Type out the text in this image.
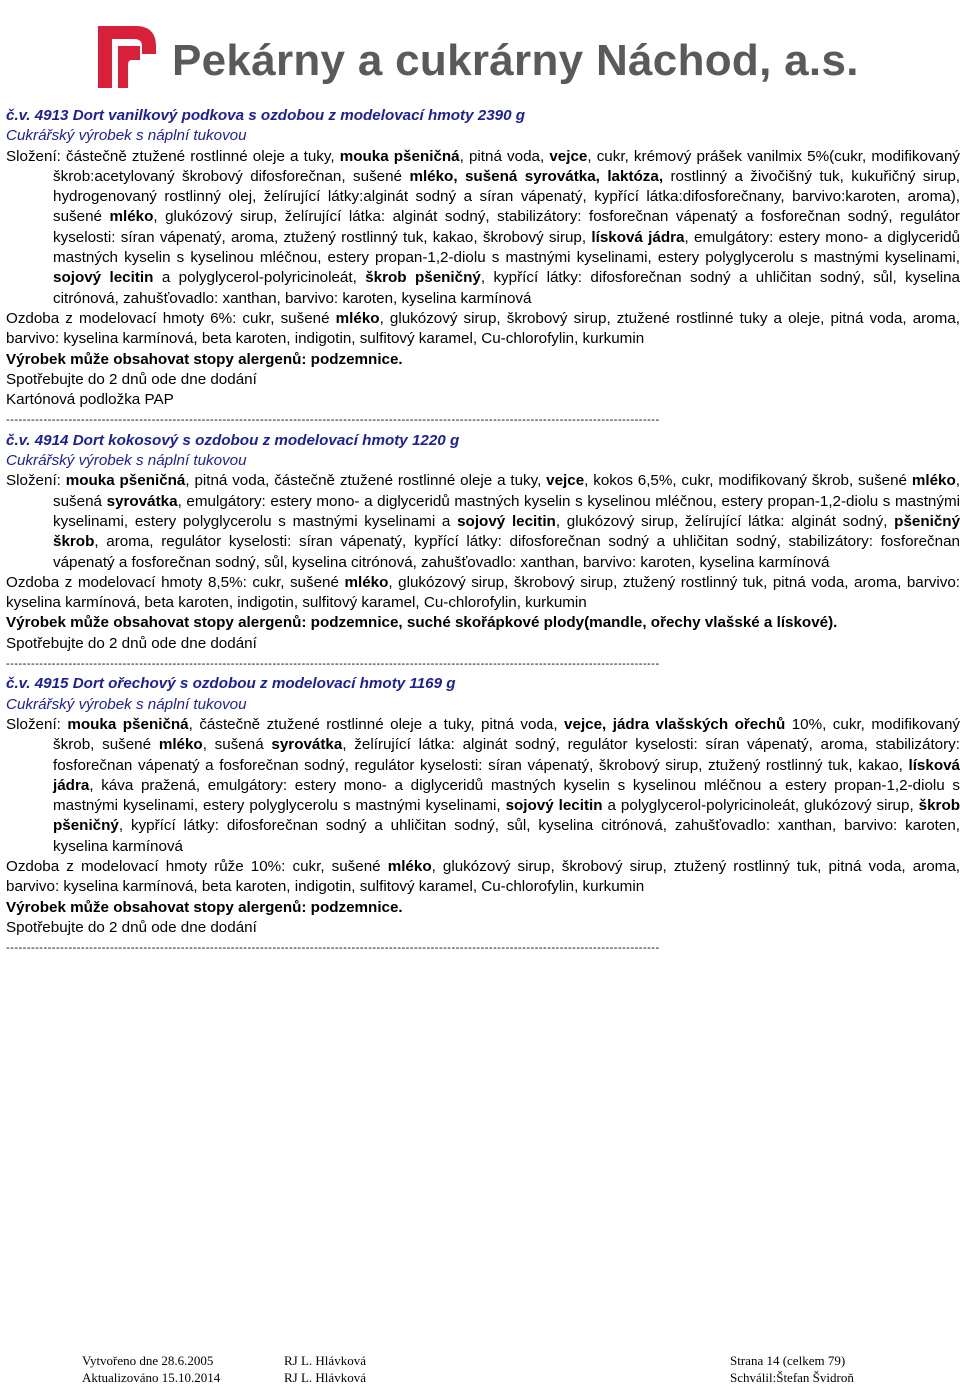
Pekárny a cukrárny Náchod, a.s.
č.v. 4913 Dort vanilkový podkova s ozdobou z modelovací hmoty 2390 g
Cukrářský výrobek s náplní tukovou
Složení: částečně ztužené rostlinné oleje a tuky, mouka pšeničná, pitná voda, vejce, cukr, krémový prášek vanilmix 5%(cukr, modifikovaný škrob:acetylovaný škrobový difosforečnan, sušené mléko, sušená syrovátka, laktóza, rostlinný a živočišný tuk, kukuřičný sirup, hydrogenovaný rostlinný olej, želírující látky:alginát sodný a síran vápenatý, kypřící látka:difosforečnany, barvivo:karoten, aroma), sušené mléko, glukózový sirup, želírující látka: alginát sodný, stabilizátory: fosforečnan vápenatý a fosforečnan sodný, regulátor kyselosti: síran vápenatý, aroma, ztužený rostlinný tuk, kakao, škrobový sirup, lísková jádra, emulgátory: estery mono- a diglyceridů mastných kyselin s kyselinou mléčnou, estery propan-1,2-diolu s mastnými kyselinami, estery polyglycerolu s mastnými kyselinami, sojový lecitin a polyglycerol-polyricinoleát, škrob pšeničný, kypřící látky: difosforečnan sodný a uhličitan sodný, sůl, kyselina citrónová, zahušťovadlo: xanthan, barvivo: karoten, kyselina karmínová
Ozdoba z modelovací hmoty 6%: cukr, sušené mléko, glukózový sirup, škrobový sirup, ztužené rostlinné tuky a oleje, pitná voda, aroma, barvivo: kyselina karmínová, beta karoten, indigotin, sulfitový karamel, Cu-chlorofylin, kurkumin
Výrobek může obsahovat stopy alergenů: podzemnice.
Spotřebujte do 2 dnů ode dne dodání
Kartónová podložka PAP
-------------------------------------------------------------------------------------------------------------------------------------------------------------
č.v. 4914 Dort kokosový s ozdobou z modelovací hmoty 1220 g
Cukrářský výrobek s náplní tukovou
Složení: mouka pšeničná, pitná voda, částečně ztužené rostlinné oleje a tuky, vejce, kokos 6,5%, cukr, modifikovaný škrob, sušené mléko, sušená syrovátka, emulgátory: estery mono- a diglyceridů mastných kyselin s kyselinou mléčnou, estery propan-1,2-diolu s mastnými kyselinami, estery polyglycerolu s mastnými kyselinami a sojový lecitin, glukózový sirup, želírující látka: alginát sodný, pšeničný škrob, aroma, regulátor kyselosti: síran vápenatý, kypřící látky: difosforečnan sodný a uhličitan sodný, stabilizátory: fosforečnan vápenatý a fosforečnan sodný, sůl, kyselina citrónová, zahušťovadlo: xanthan, barvivo: karoten, kyselina karmínová
Ozdoba z modelovací hmoty 8,5%: cukr, sušené mléko, glukózový sirup, škrobový sirup, ztužený rostlinný tuk, pitná voda, aroma, barvivo: kyselina karmínová, beta karoten, indigotin, sulfitový karamel, Cu-chlorofylin, kurkumin
Výrobek může obsahovat stopy alergenů: podzemnice, suché skořápkové plody(mandle, ořechy vlašské a lískové).
Spotřebujte do 2 dnů ode dne dodání
-------------------------------------------------------------------------------------------------------------------------------------------------------------
č.v. 4915 Dort ořechový s ozdobou z modelovací hmoty 1169 g
Cukrářský výrobek s náplní tukovou
Složení: mouka pšeničná, částečně ztužené rostlinné oleje a tuky, pitná voda, vejce, jádra vlašských ořechů 10%, cukr, modifikovaný škrob, sušené mléko, sušená syrovátka, želírující látka: alginát sodný, regulátor kyselosti: síran vápenatý, aroma, stabilizátory: fosforečnan vápenatý a fosforečnan sodný, regulátor kyselosti: síran vápenatý, škrobový sirup, ztužený rostlinný tuk, kakao, lísková jádra, káva pražená, emulgátory: estery mono- a diglyceridů mastných kyselin s kyselinou mléčnou a estery propan-1,2-diolu s mastnými kyselinami, estery polyglycerolu s mastnými kyselinami, sojový lecitin a polyglycerol-polyricinoleát, glukózový sirup, škrob pšeničný, kypřící látky: difosforečnan sodný a uhličitan sodný, sůl, kyselina citrónová, zahušťovadlo: xanthan, barvivo: karoten, kyselina karmínová
Ozdoba z modelovací hmoty růže 10%: cukr, sušené mléko, glukózový sirup, škrobový sirup, ztužený rostlinný tuk, pitná voda, aroma, barvivo: kyselina karmínová, beta karoten, indigotin, sulfitový karamel, Cu-chlorofylin, kurkumin
Výrobek může obsahovat stopy alergenů: podzemnice.
Spotřebujte do 2 dnů ode dne dodání
-------------------------------------------------------------------------------------------------------------------------------------------------------------
Vytvořeno dne 28.6.2005	RJ L. Hlávková	Strana 14 (celkem 79)
Aktualizováno 15.10.2014	RJ L. Hlávková	Schválil:Štefan Švidroň
